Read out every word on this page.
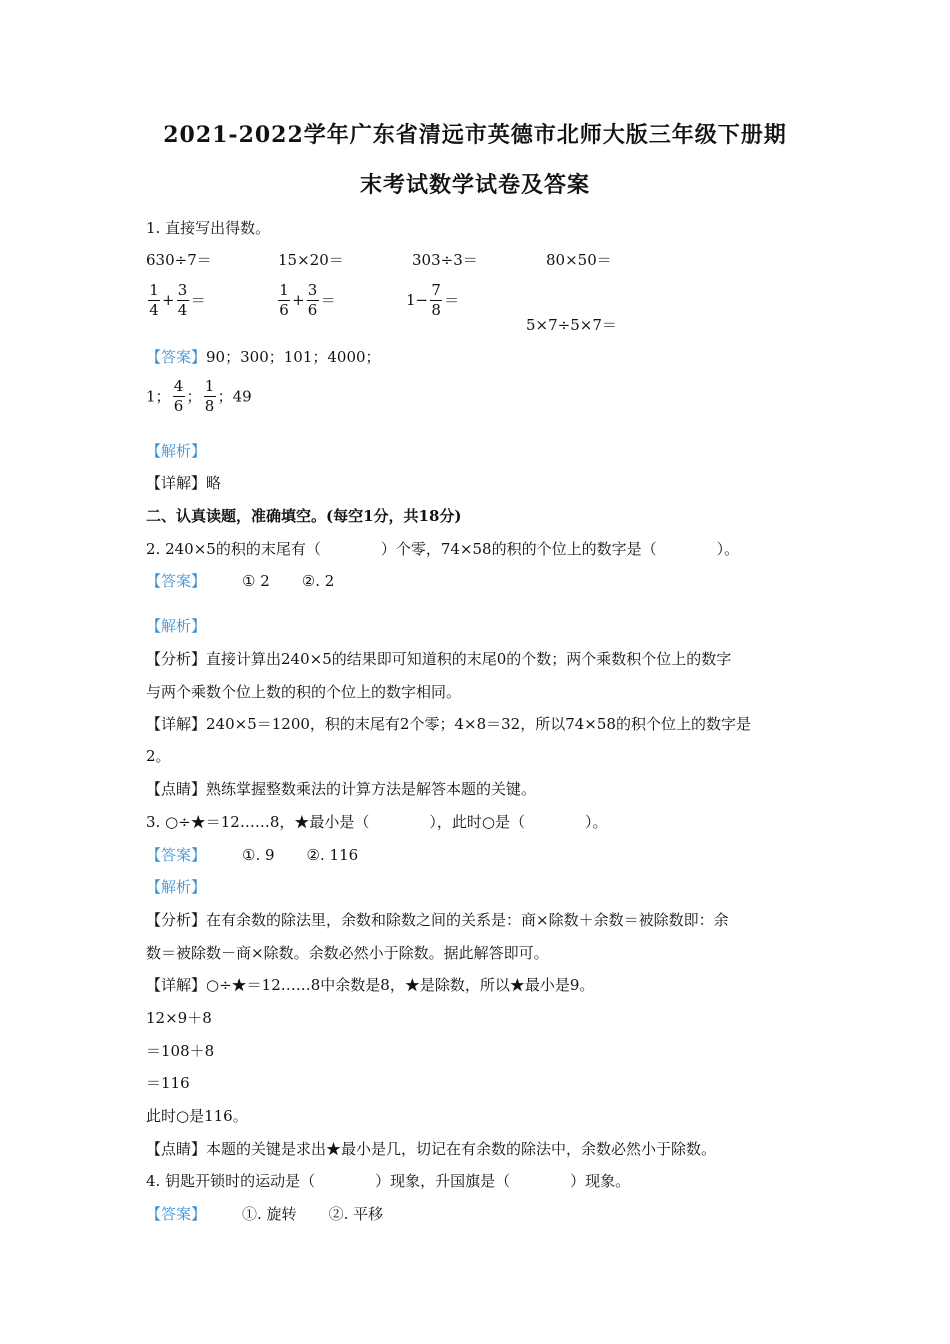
2021-2022学年广东省清远市英德市北师大版三年级下册期
末考试数学试卷及答案
1. 直接写出得数。
630÷7＝	15×20＝	303÷3＝	80×50＝
$\frac{1}{4} + \frac{3}{4}$ ＝	$\frac{1}{6} + \frac{3}{6}$ ＝	$1- \frac{7}{8}$ ＝
5×7÷5×7＝
【答案】90；300；101；4000；
1； $\frac{4}{6}$ ； $\frac{1}{8}$ ；49
【解析】
【详解】略
二、认真读题，准确填空。(每空1分，共18分)
2. 240×5的积的末尾有（　　　　）个零，74×58的积的个位上的数字是（　　　　）。
【答案】 ① 2 ②. 2
【解析】
【分析】直接计算出240×5的结果即可知道积的末尾0的个数；两个乘数积个位上的数字
与两个乘数个位上数的积的个位上的数字相同。
【详解】240×5＝1200，积的末尾有2个零；4×8＝32，所以74×58的积个位上的数字是
2。
【点睛】熟练掌握整数乘法的计算方法是解答本题的关键。
3. ○÷★＝12……8，★最小是（　　　　），此时○是（　　　　）。
【答案】 ①. 9 ②. 116
【解析】
【分析】在有余数的除法里，余数和除数之间的关系是：商×除数＋余数＝被除数即：余
数＝被除数－商×除数。余数必然小于除数。据此解答即可。
【详解】○÷★＝12……8中余数是8，★是除数，所以★最小是9。
12×9＋8
＝108＋8
＝116
此时○是116。
【点睛】本题的关键是求出★最小是几，切记在有余数的除法中，余数必然小于除数。
4. 钥匙开锁时的运动是（　　　　）现象，升国旗是（　　　　）现象。
【答案】 ①. 旋转 ②. 平移
